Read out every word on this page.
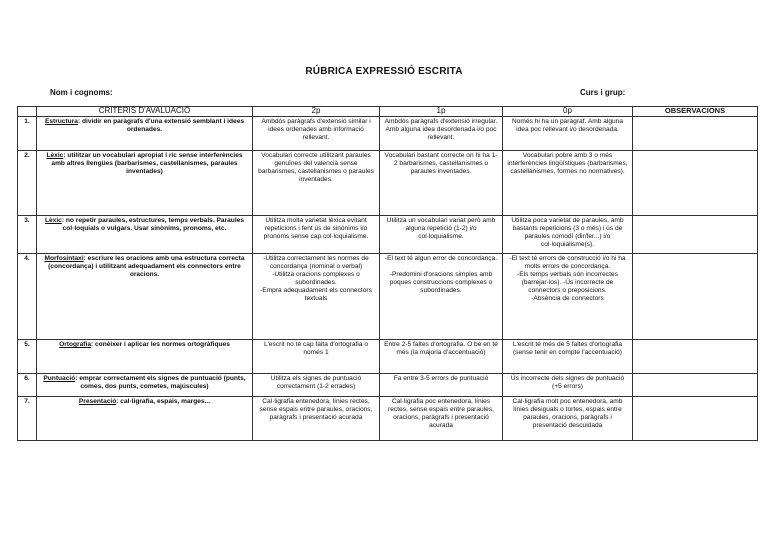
RÚBRICA EXPRESSIÓ ESCRITA
Nom i cognoms:	Curs i grup:
	CRITERIS D'AVALUACIÓ	2p	1p	0p	OBSERVACIONS
1.	Estructura: dividir en paràgrafs d'una extensió semblant i idees ordenades.	Ambdós paràgrafs d'extensió similar i idees ordenades amb informació rellevant.	Ambdós paràgrafs d'extensió irregular. Amb alguna idea desordenada i/o poc rellevant.	Només hi ha un paràgraf. Amb alguna idea poc rellevant i/o desordenada.	

2.	Lèxic: utilitzar un vocabulari apropiat i ric sense interferències amb altres llengües (barbarismes, castellanismes, paraules inventades)	Vocabulari correcte utilitzant paraules genuïnes del valencià sense barbarismes, castellanismes o paraules inventades.	Vocabulari bastant correcte on hi ha 1-2 barbarismes, castellanismes o paraules inventades.	Vocabulari pobre amb 3 o més interferències lingüístiques (barbarismes, castellanismes, formes no normatives).	

3.	Lèxic: no repetir paraules, estructures, temps verbals. Paraules col·loquials o vulgars. Usar sinònims, pronoms, etc.	Utilitza molta varietat lèxica evitant repeticions i fent ús de sinònims i/o pronoms sense cap col·loquialisme.	Utilitza un vocabulari variat però amb alguna repetició (1-2) i/o col·loquialisme.	Utilitza poca varietat de paraules, amb bastants repeticions (3 o més) i ús de paraules comodí (dir/fer...) i/o col·loquialisme(s).	

4.	Morfosintaxi: escriure les oracions amb una estructura correcta (concordança) i utilitzant adequadament els connectors entre oracions.	-Utilitza correctament les normes de concordança (nominal o verbal)
-Utilitza oracions complexes o subordinades.
-Empra adequadament els connectors textuals	-El text té algun error de concordança.

-Predomini d'oracions simples amb poques construccions complexes o subordinades.	-El text té errors de construcció i/o hi ha molts errors de concordança.
-Els temps verbals són incorrectes (barrejar-los). -Ús incorrecte de connectors o preposicions.
-Absència de connectors	

5.	Ortografia: conèixer i aplicar les normes ortogràfiques	L'escrit no té cap falta d'ortografia o només 1	Entre 2-5 faltes d'ortografia. O bé en té més (la majoria d'accentuació)	L'escrit té més de 5 faltes d'ortografia (sense tenir en compte l'accentuació)	

6.	Puntuació: emprar correctament els signes de puntuació (punts, comes, dos punts, cometes, majúscules)	Utilitza els signes de puntuació correctament (1-2 errades)	Fa entre 3-5 errors de puntuació	Ús incorrecte dels signes de puntuació (+5 errors)	

7.	Presentació: cal·ligrafia, espais, marges...	Cal·ligrafia entenedora, línies rectes, sense espais entre paraules, oracions, paràgrafs i presentació acurada	Cal·ligrafia poc entenedora, línies rectes, sense espais entre paraules, oracions, paràgrafs i presentació acurada	Cal·ligrafia molt poc entenedora, amb línies desiguals o tortes, espais entre paraules, oracions, paràgrafs i presentació descuidada	
